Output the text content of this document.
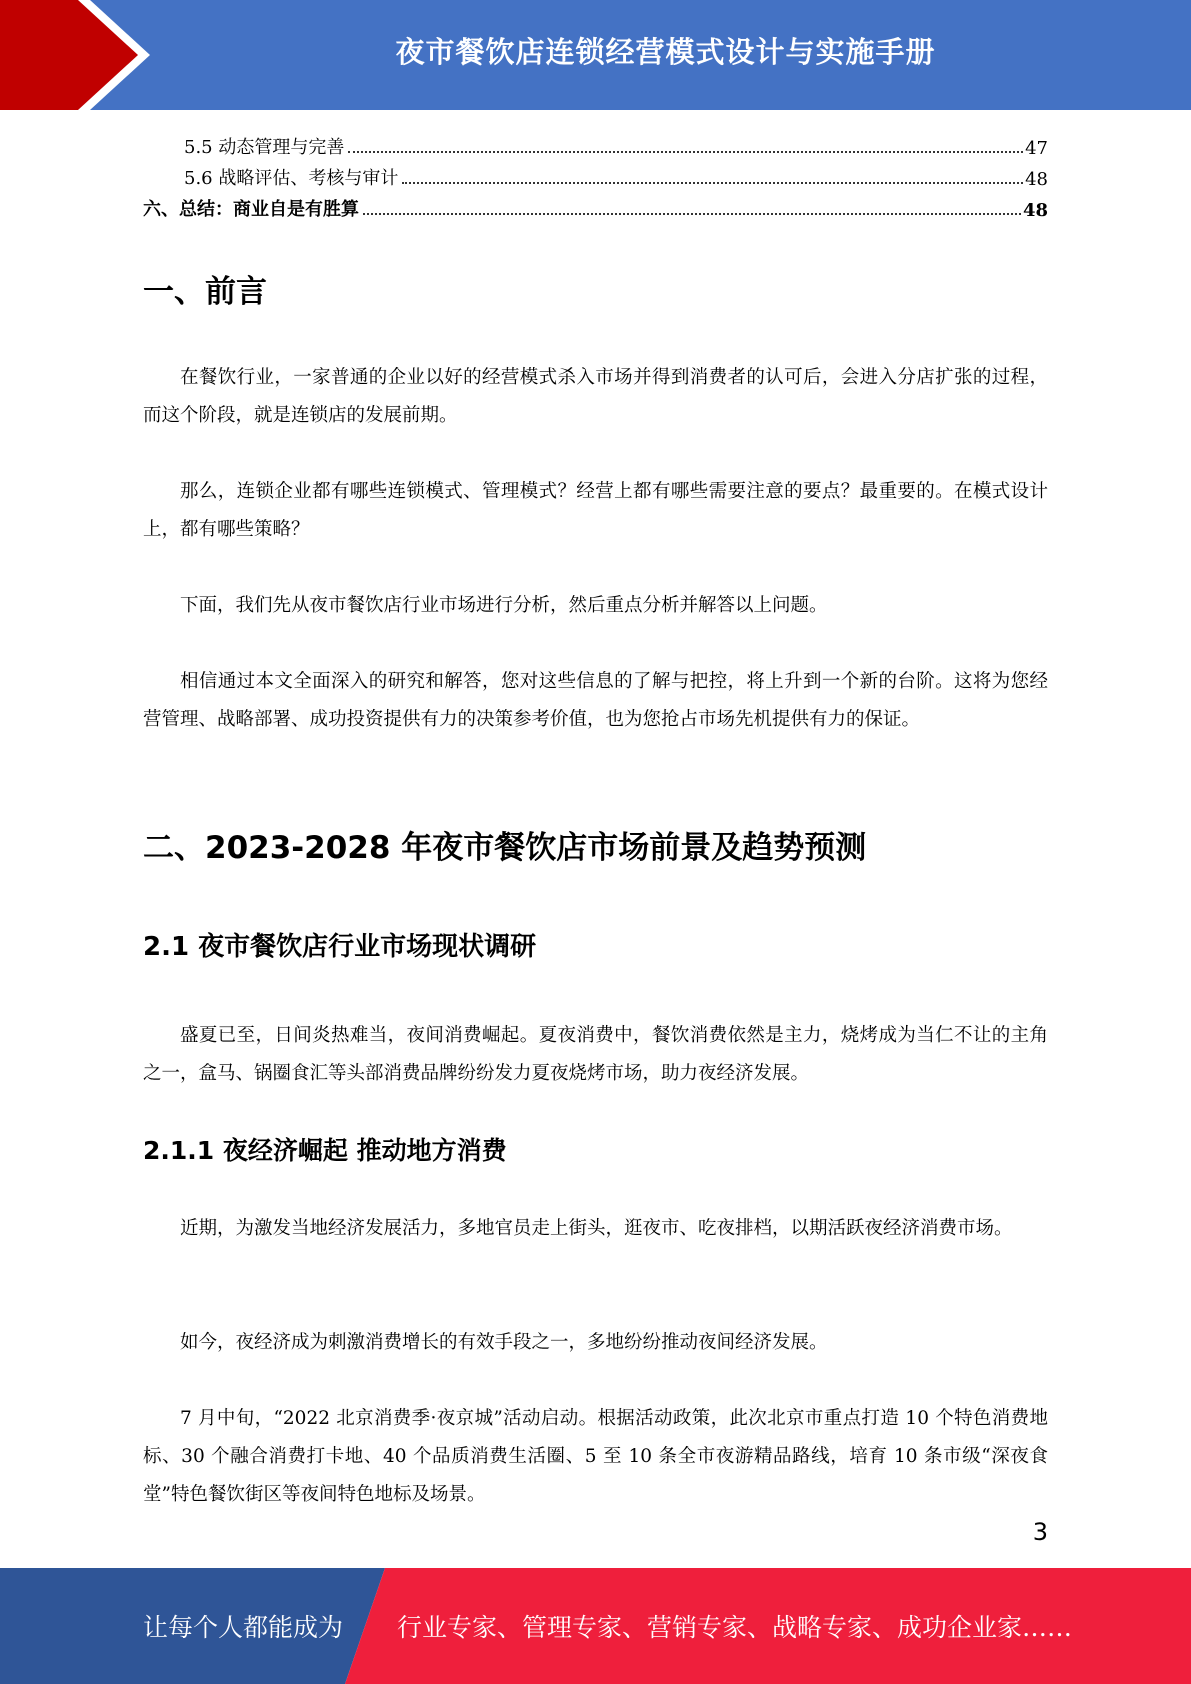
夜市餐饮店连锁经营模式设计与实施手册
5.5 动态管理与完善	47
5.6 战略评估、考核与审计	48
六、总结：商业自是有胜算	48
一、前言

在餐饮行业，一家普通的企业以好的经营模式杀入市场并得到消费者的认可后，会进入分店扩张的过程，而这个阶段，就是连锁店的发展前期。

那么，连锁企业都有哪些连锁模式、管理模式？经营上都有哪些需要注意的要点？最重要的。在模式设计上，都有哪些策略？

下面，我们先从夜市餐饮店行业市场进行分析，然后重点分析并解答以上问题。

相信通过本文全面深入的研究和解答，您对这些信息的了解与把控，将上升到一个新的台阶。这将为您经营管理、战略部署、成功投资提供有力的决策参考价值，也为您抢占市场先机提供有力的保证。

二、2023-2028 年夜市餐饮店市场前景及趋势预测
2.1 夜市餐饮店行业市场现状调研

盛夏已至，日间炎热难当，夜间消费崛起。夏夜消费中，餐饮消费依然是主力，烧烤成为当仁不让的主角之一，盒马、锅圈食汇等头部消费品牌纷纷发力夏夜烧烤市场，助力夜经济发展。

2.1.1 夜经济崛起 推动地方消费

近期，为激发当地经济发展活力，多地官员走上街头，逛夜市、吃夜排档，以期活跃夜经济消费市场。

如今，夜经济成为刺激消费增长的有效手段之一，多地纷纷推动夜间经济发展。

7 月中旬，“2022 北京消费季·夜京城”活动启动。根据活动政策，此次北京市重点打造 10 个特色消费地标、30 个融合消费打卡地、40 个品质消费生活圈、5 至 10 条全市夜游精品路线，培育 10 条市级“深夜食堂”特色餐饮街区等夜间特色地标及场景。

3
让每个人都能成为 行业专家、管理专家、营销专家、战略专家、成功企业家……
